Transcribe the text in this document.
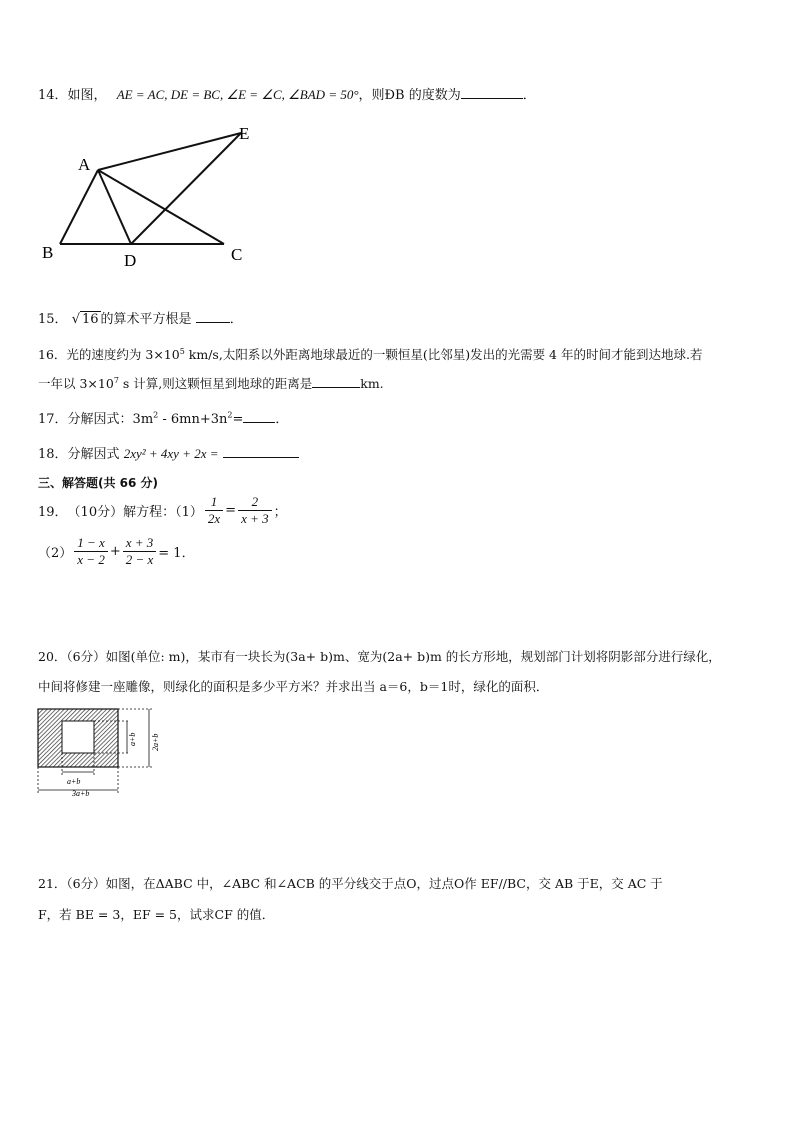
14．如图， AE = AC, DE = BC, ∠E = ∠C, ∠BAD = 50°，则ÐB 的度数为	．
A
B	D	C
E
15． √ 16 的算术平方根是	．
16．光的速度约为 $3\times 10^5$ km/s,太阳系以外距离地球最近的一颗恒星(比邻星)发出的光需要 4 年的时间才能到达地球.若
一年以 $3\times 10^7$ s 计算,则这颗恒星到地球的距离是	km.
17．分解因式：$3m^2 - 6mn+3n^2=$ ．
18．分解因式 2xy² + 4xy + 2x =
三、解答题(共 66 分)
19． （10分）解方程：$(1) \frac{1}{2x} = \frac{2}{x + 3}$ ；
$(2) \frac{1 - x}{x - 2} + \frac{x + 3}{2 - x} = 1$．
20．（6分）如图(单位: m)，某市有一块长为(3a+ b)m、宽为(2a+ b)m 的长方形地，规划部门计划将阴影部分进行绿化，
中间将修建一座雕像，则绿化的面积是多少平方米？并求出当 a＝6，b＝1时，绿化的面积．
a+b
3a+b
a+b 2a+b
21．（6分）如图，在ΔABC 中，∠ABC 和∠ACB 的平分线交于点O，过点O作 EF//BC，交 AB 于E，交 AC 于
F，若 BE = 3，EF = 5，试求CF 的值．
